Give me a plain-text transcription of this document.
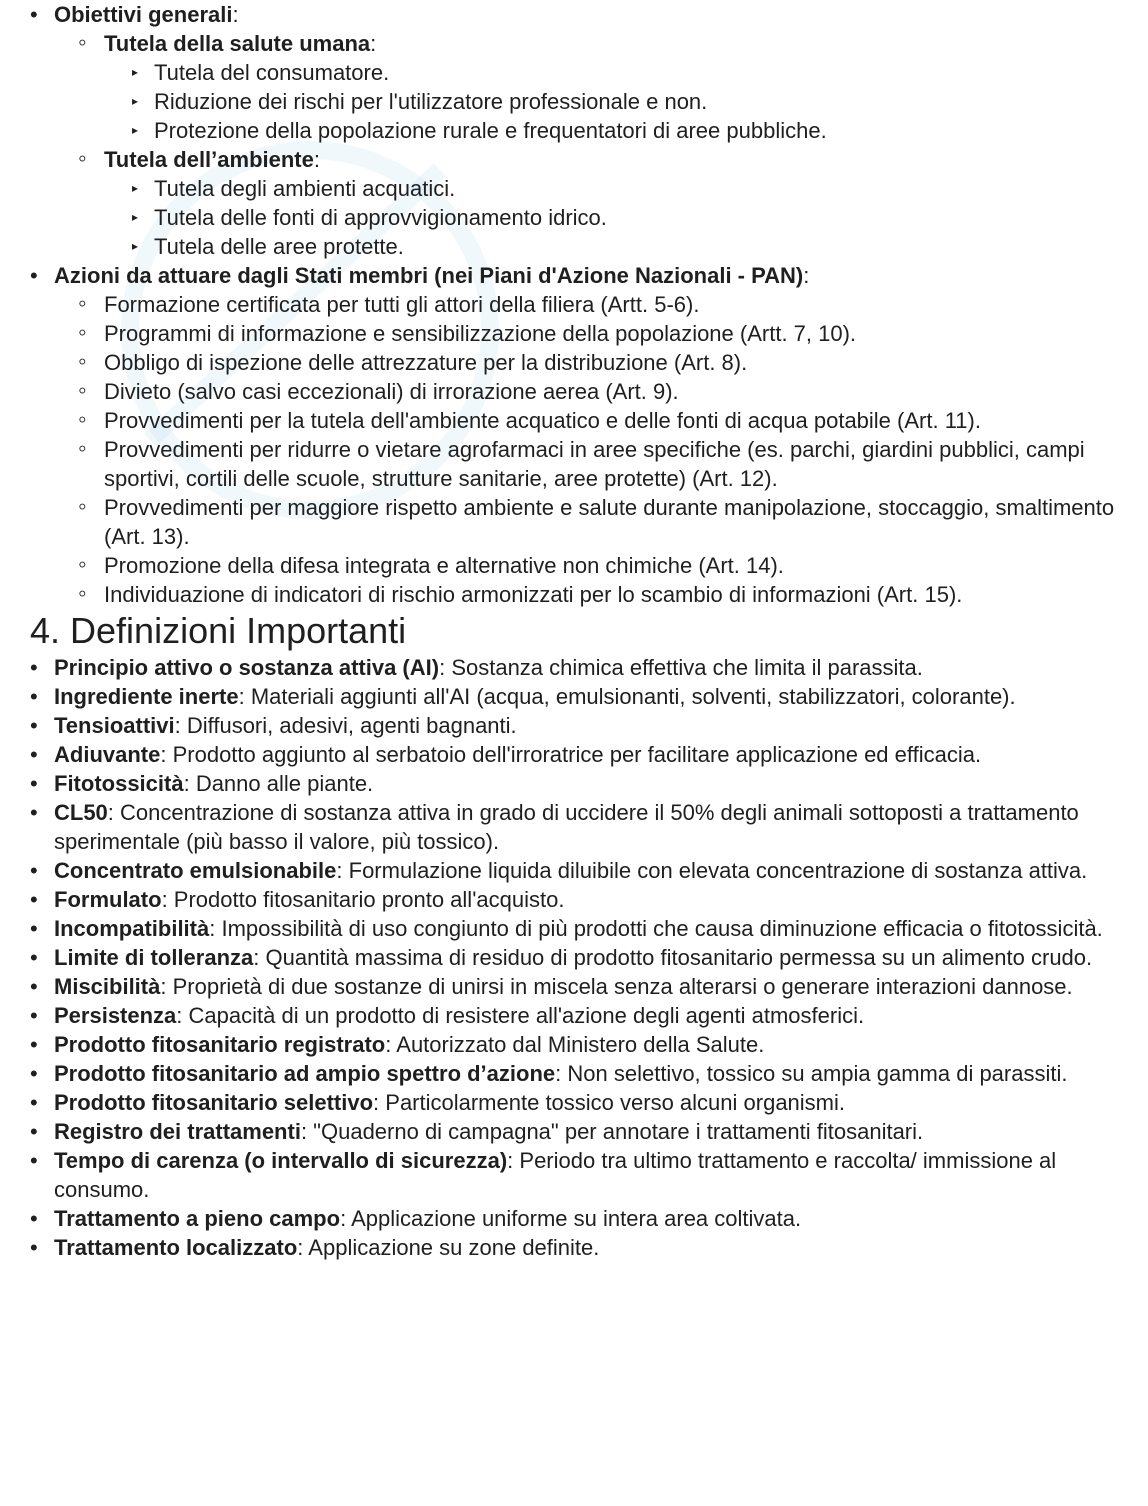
• Obiettivi generali:
◦ Tutela della salute umana:
▸ Tutela del consumatore.
▸ Riduzione dei rischi per l'utilizzatore professionale e non.
▸ Protezione della popolazione rurale e frequentatori di aree pubbliche.
◦ Tutela dell’ambiente:
▸ Tutela degli ambienti acquatici.
▸ Tutela delle fonti di approvvigionamento idrico.
▸ Tutela delle aree protette.
• Azioni da attuare dagli Stati membri (nei Piani d'Azione Nazionali - PAN):
◦ Formazione certificata per tutti gli attori della filiera (Artt. 5-6).
◦ Programmi di informazione e sensibilizzazione della popolazione (Artt. 7, 10).
◦ Obbligo di ispezione delle attrezzature per la distribuzione (Art. 8).
◦ Divieto (salvo casi eccezionali) di irrorazione aerea (Art. 9).
◦ Provvedimenti per la tutela dell'ambiente acquatico e delle fonti di acqua potabile (Art. 11).
◦ Provvedimenti per ridurre o vietare agrofarmaci in aree specifiche (es. parchi, giardini pubblici, campi sportivi, cortili delle scuole, strutture sanitarie, aree protette) (Art. 12).
◦ Provvedimenti per maggiore rispetto ambiente e salute durante manipolazione, stoccaggio, smaltimento (Art. 13).
◦ Promozione della difesa integrata e alternative non chimiche (Art. 14).
◦ Individuazione di indicatori di rischio armonizzati per lo scambio di informazioni (Art. 15).
4. Definizioni Importanti
• Principio attivo o sostanza attiva (AI): Sostanza chimica effettiva che limita il parassita.
• Ingrediente inerte: Materiali aggiunti all'AI (acqua, emulsionanti, solventi, stabilizzatori, colorante).
• Tensioattivi: Diffusori, adesivi, agenti bagnanti.
• Adiuvante: Prodotto aggiunto al serbatoio dell'irroratrice per facilitare applicazione ed efficacia.
• Fitotossicità: Danno alle piante.
• CL50: Concentrazione di sostanza attiva in grado di uccidere il 50% degli animali sottoposti a trattamento sperimentale (più basso il valore, più tossico).
• Concentrato emulsionabile: Formulazione liquida diluibile con elevata concentrazione di sostanza attiva.
• Formulato: Prodotto fitosanitario pronto all'acquisto.
• Incompatibilità: Impossibilità di uso congiunto di più prodotti che causa diminuzione efficacia o fitotossicità.
• Limite di tolleranza: Quantità massima di residuo di prodotto fitosanitario permessa su un alimento crudo.
• Miscibilità: Proprietà di due sostanze di unirsi in miscela senza alterarsi o generare interazioni dannose.
• Persistenza: Capacità di un prodotto di resistere all'azione degli agenti atmosferici.
• Prodotto fitosanitario registrato: Autorizzato dal Ministero della Salute.
• Prodotto fitosanitario ad ampio spettro d’azione: Non selettivo, tossico su ampia gamma di parassiti.
• Prodotto fitosanitario selettivo: Particolarmente tossico verso alcuni organismi.
• Registro dei trattamenti: "Quaderno di campagna" per annotare i trattamenti fitosanitari.
• Tempo di carenza (o intervallo di sicurezza): Periodo tra ultimo trattamento e raccolta/ immissione al consumo.
• Trattamento a pieno campo: Applicazione uniforme su intera area coltivata.
• Trattamento localizzato: Applicazione su zone definite.
